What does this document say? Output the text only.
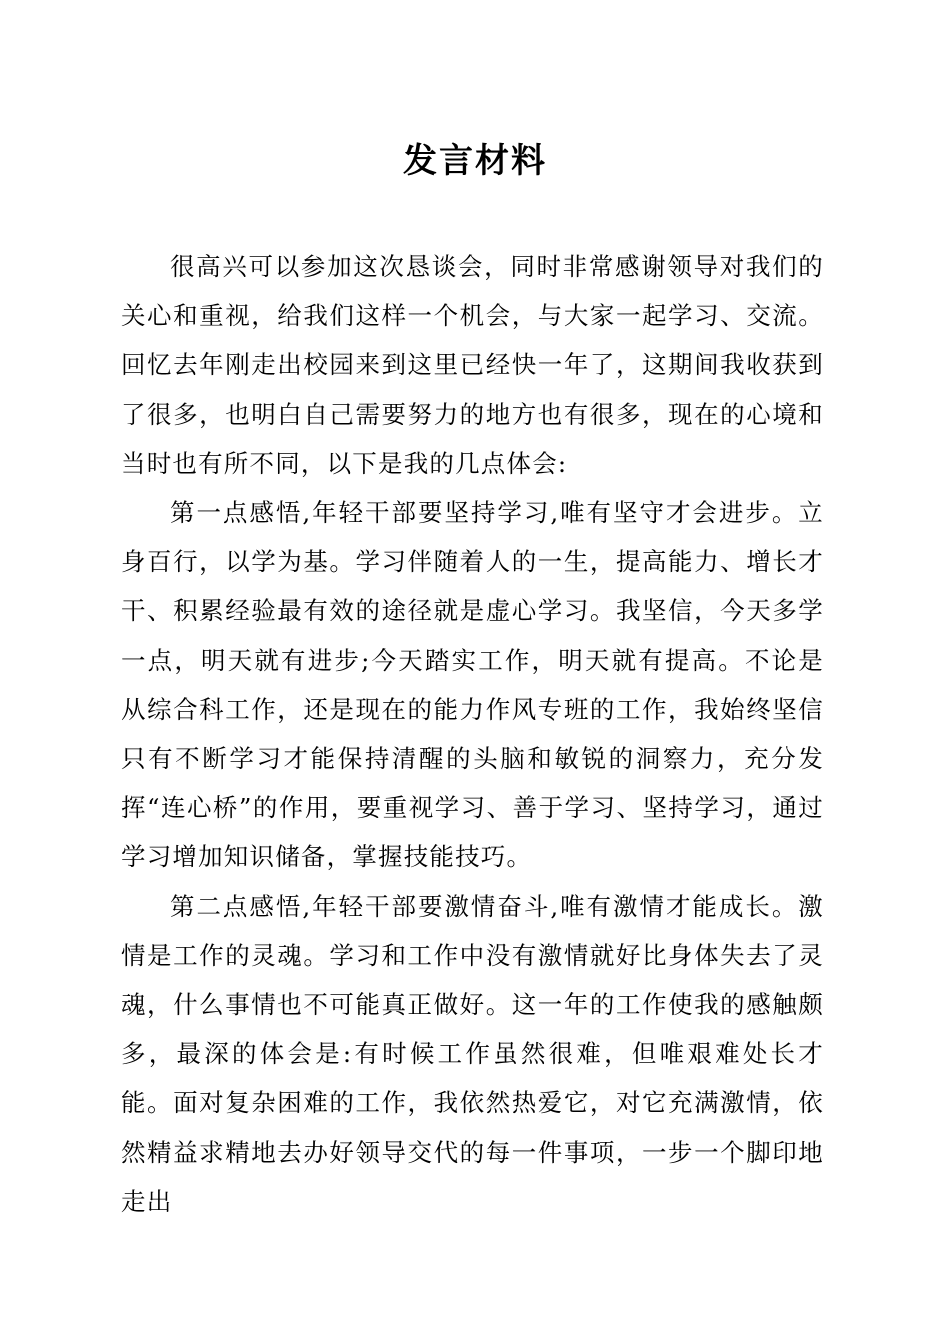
发言材料

很高兴可以参加这次恳谈会，同时非常感谢领导对我们的关心和重视，给我们这样一个机会，与大家一起学习、交流。回忆去年刚走出校园来到这里已经快一年了，这期间我收获到了很多，也明白自己需要努力的地方也有很多，现在的心境和当时也有所不同，以下是我的几点体会:

第一点感悟,年轻干部要坚持学习,唯有坚守才会进步。立身百行，以学为基。学习伴随着人的一生，提高能力、增长才干、积累经验最有效的途径就是虚心学习。我坚信，今天多学一点，明天就有进步;今天踏实工作，明天就有提高。不论是从综合科工作，还是现在的能力作风专班的工作，我始终坚信只有不断学习才能保持清醒的头脑和敏锐的洞察力，充分发挥“连心桥”的作用，要重视学习、善于学习、坚持学习，通过学习增加知识储备，掌握技能技巧。

第二点感悟,年轻干部要激情奋斗,唯有激情才能成长。激情是工作的灵魂。学习和工作中没有激情就好比身体失去了灵魂，什么事情也不可能真正做好。这一年的工作使我的感触颇多，最深的体会是:有时候工作虽然很难，但唯艰难处长才能。面对复杂困难的工作，我依然热爱它，对它充满激情，依然精益求精地去办好领导交代的每一件事项，一步一个脚印地走出
